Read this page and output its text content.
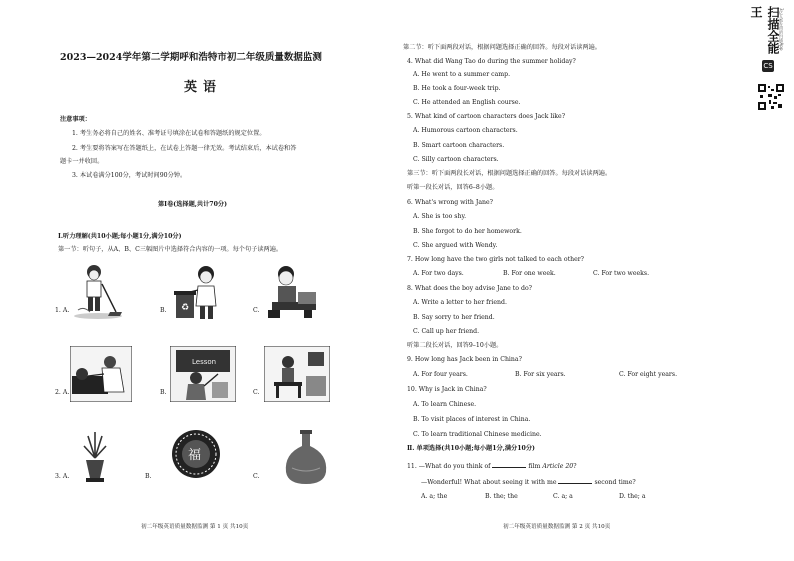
2023—2024学年第二学期呼和浩特市初二年级质量数据监测
英语
注意事项：
1. 考生务必将自己的姓名、准考证号填涂在试卷和答题纸的规定位置。
2. 考生要将答案写在答题纸上，在试卷上答题一律无效。考试结束后，本试卷和答
题卡一并收回。
3. 本试卷满分100分，考试时间90分钟。
第Ⅰ卷(选择题,共计70分)
Ⅰ.听力理解(共10小题;每小题1分,满分10分)
第一节：听句子，从A、B、C三幅图片中选择符合内容的一项。每个句子读两遍。
1. A.	B. ♻	C.
2. A.	B.
Lesson
C.
3. A.	B.
福
C.
初二年级英语质量数据监测 第 1 页 共10页
第二节：听下面两段对话，根据问题选择正确的回答。每段对话读两遍。
4. What did Wang Tao do during the summer holiday?
A. He went to a summer camp.
B. He took a four-week trip.
C. He attended an English course.
5. What kind of cartoon characters does Jack like?
A. Humorous cartoon characters.
B. Smart cartoon characters.
C. Silly cartoon characters.
第三节：听下面两段长对话，根据问题选择正确的回答。每段对话读两遍。
听第一段长对话，回答6–8小题。
6. What's wrong with Jane?
A. She is too shy.
B. She forgot to do her homework.
C. She argued with Wendy.
7. How long have the two girls not talked to each other?
A. For two days.	B. For one week.	C. For two weeks.
8. What does the boy advise Jane to do?
A. Write a letter to her friend.
B. Say sorry to her friend.
C. Call up her friend.
听第二段长对话，回答9–10小题。
9. How long has Jack been in China?
A. For four years.	B. For six years.	C. For eight years.
10. Why is Jack in China?
A. To learn Chinese.
B. To visit places of interest in China.
C. To learn traditional Chinese medicine.
Ⅱ. 单项选择(共10小题;每小题1分,满分10分)
11. —What do you think of	film Article 20?
—Wonderful! What about seeing it with me	second time?
A. a; the	B. the; the	C. a; a	D. the; a
初二年级英语质量数据监测 第 2 页 共10页
扫描全能王	3亿人都在用的扫描App
CS
